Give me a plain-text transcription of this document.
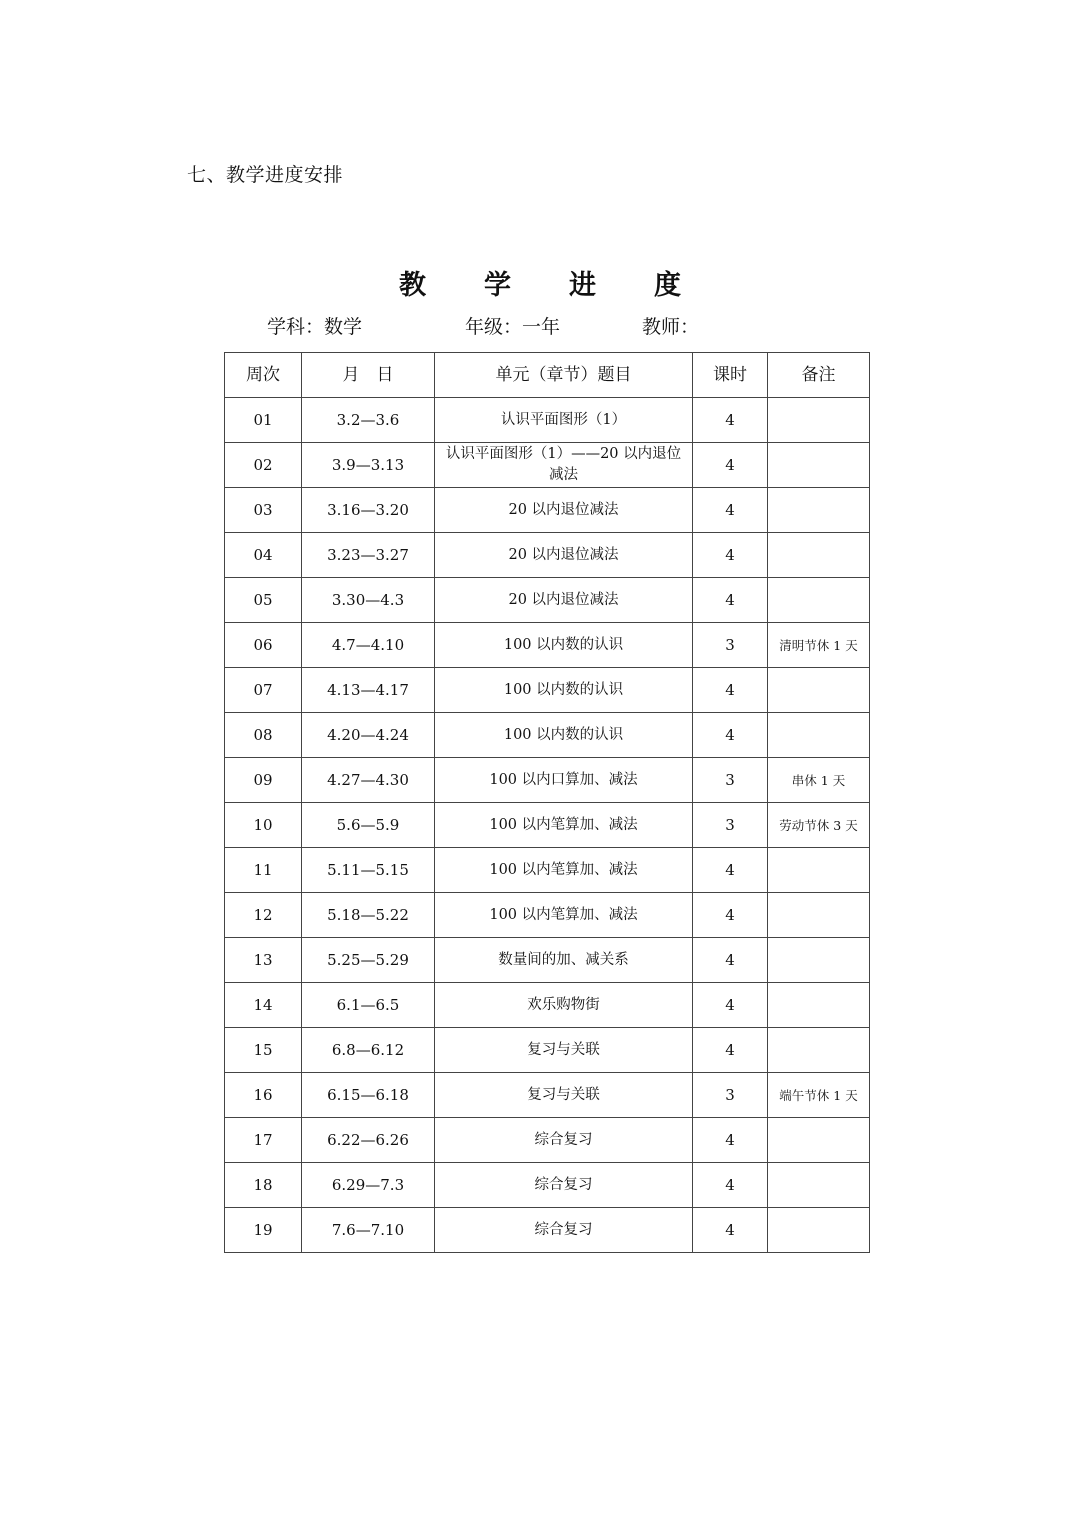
七、教学进度安排
教 学 进 度
学科：数学	年级：一年	教师：
周次	月　日	单元（章节）题目	课时	备注
01	3.2—3.6	认识平面图形（1）	4	
02	3.9—3.13	认识平面图形（1）——20 以内退位减法	4	
03	3.16—3.20	20 以内退位减法	4	
04	3.23—3.27	20 以内退位减法	4	
05	3.30—4.3	20 以内退位减法	4	
06	4.7—4.10	100 以内数的认识	3	清明节休 1 天
07	4.13—4.17	100 以内数的认识	4	
08	4.20—4.24	100 以内数的认识	4	
09	4.27—4.30	100 以内口算加、减法	3	串休 1 天
10	5.6—5.9	100 以内笔算加、减法	3	劳动节休 3 天
11	5.11—5.15	100 以内笔算加、减法	4	
12	5.18—5.22	100 以内笔算加、减法	4	
13	5.25—5.29	数量间的加、减关系	4	
14	6.1—6.5	欢乐购物街	4	
15	6.8—6.12	复习与关联	4	
16	6.15—6.18	复习与关联	3	端午节休 1 天
17	6.22—6.26	综合复习	4	
18	6.29—7.3	综合复习	4	
19	7.6—7.10	综合复习	4	
